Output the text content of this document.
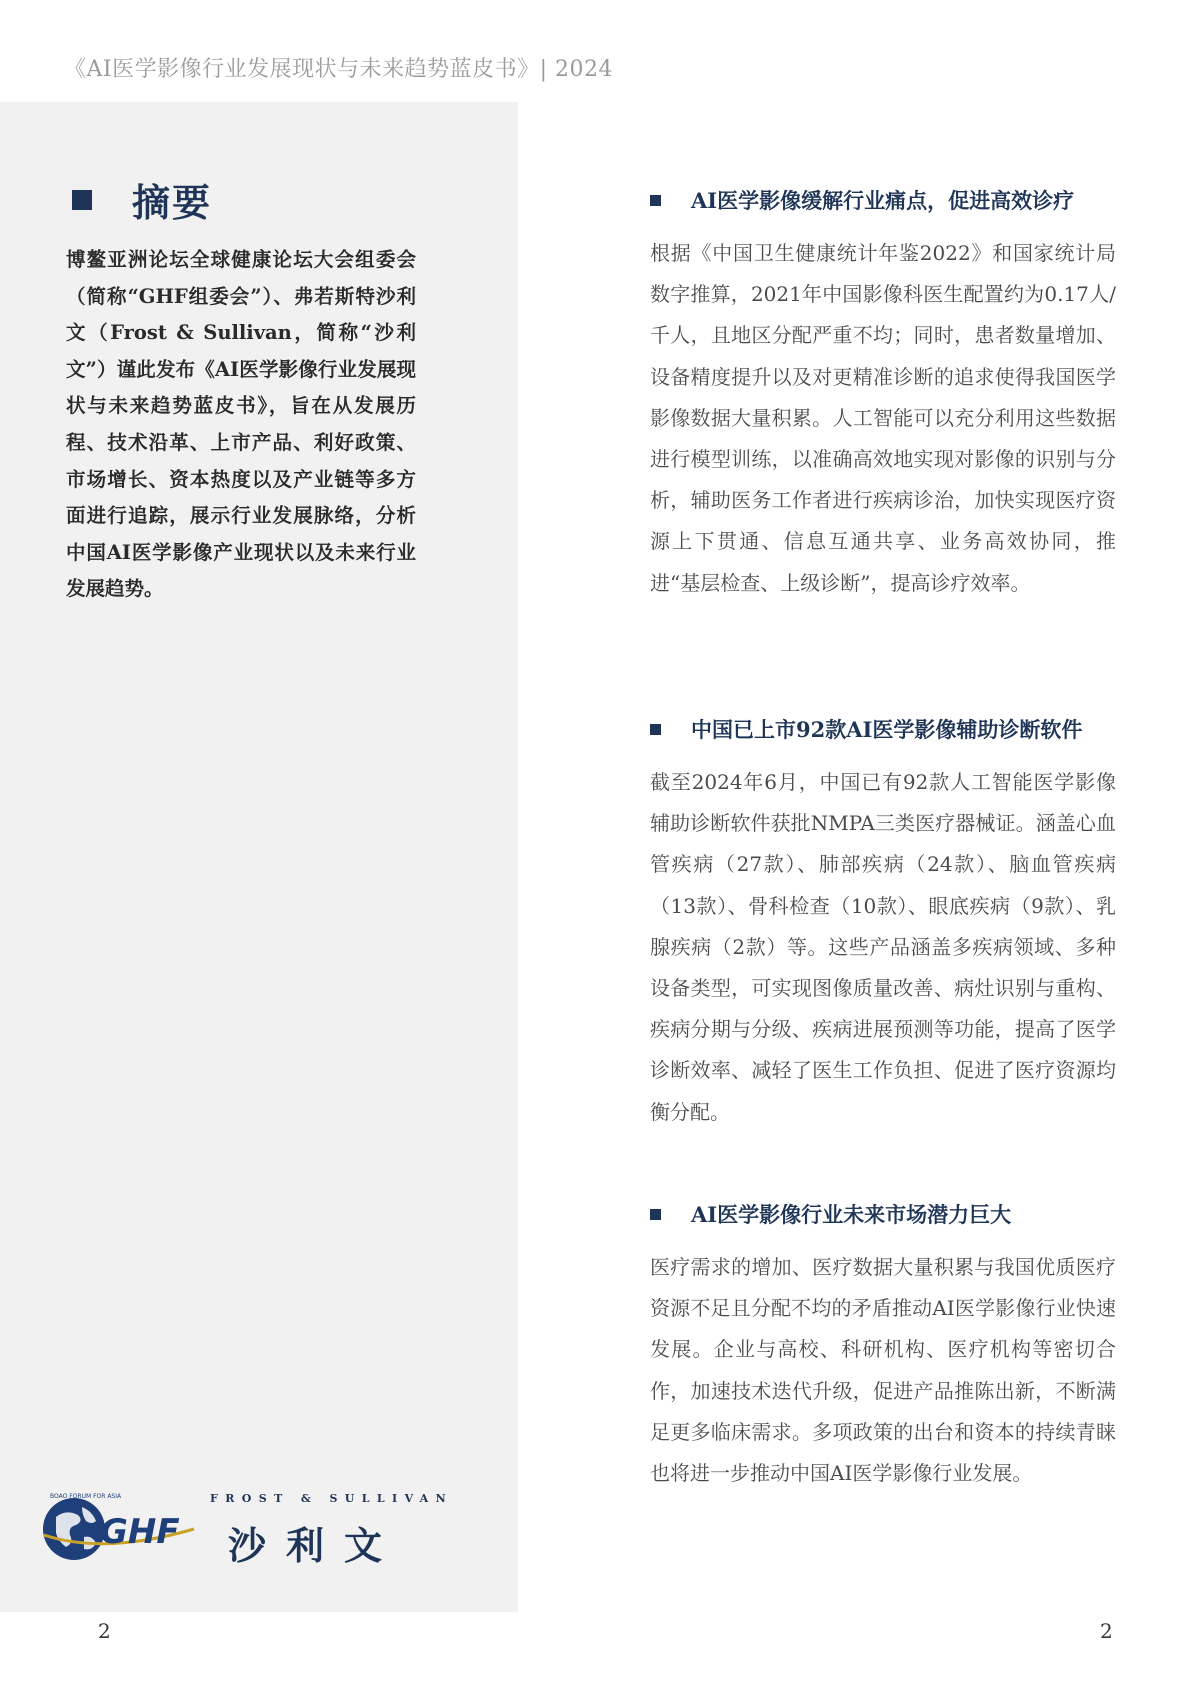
《AI医学影像行业发展现状与未来趋势蓝皮书》| 2024
摘要
博鳌亚洲论坛全球健康论坛大会组委会（简称“GHF组委会”）、弗若斯特沙利文（Frost & Sullivan，简称“沙利文”）谨此发布《AI医学影像行业发展现状与未来趋势蓝皮书》，旨在从发展历程、技术沿革、上市产品、利好政策、市场增长、资本热度以及产业链等多方面进行追踪，展示行业发展脉络，分析中国AI医学影像产业现状以及未来行业发展趋势。
BOAO FORUM FOR ASIA
GHF
FROST & SULLIVAN
沙利文
AI医学影像缓解行业痛点，促进高效诊疗
根据《中国卫生健康统计年鉴2022》和国家统计局数字推算，2021年中国影像科医生配置约为0.17人/千人，且地区分配严重不均；同时，患者数量增加、设备精度提升以及对更精准诊断的追求使得我国医学影像数据大量积累。人工智能可以充分利用这些数据进行模型训练，以准确高效地实现对影像的识别与分析，辅助医务工作者进行疾病诊治，加快实现医疗资源上下贯通、信息互通共享、业务高效协同，推进“基层检查、上级诊断”，提高诊疗效率。
中国已上市92款AI医学影像辅助诊断软件
截至2024年6月，中国已有92款人工智能医学影像辅助诊断软件获批NMPA三类医疗器械证。涵盖心血管疾病（27款）、肺部疾病（24款）、脑血管疾病（13款）、骨科检查（10款）、眼底疾病（9款）、乳腺疾病（2款）等。这些产品涵盖多疾病领域、多种设备类型，可实现图像质量改善、病灶识别与重构、疾病分期与分级、疾病进展预测等功能，提高了医学诊断效率、减轻了医生工作负担、促进了医疗资源均衡分配。
AI医学影像行业未来市场潜力巨大
医疗需求的增加、医疗数据大量积累与我国优质医疗资源不足且分配不均的矛盾推动AI医学影像行业快速发展。企业与高校、科研机构、医疗机构等密切合作，加速技术迭代升级，促进产品推陈出新，不断满足更多临床需求。多项政策的出台和资本的持续青睐也将进一步推动中国AI医学影像行业发展。
2	2
